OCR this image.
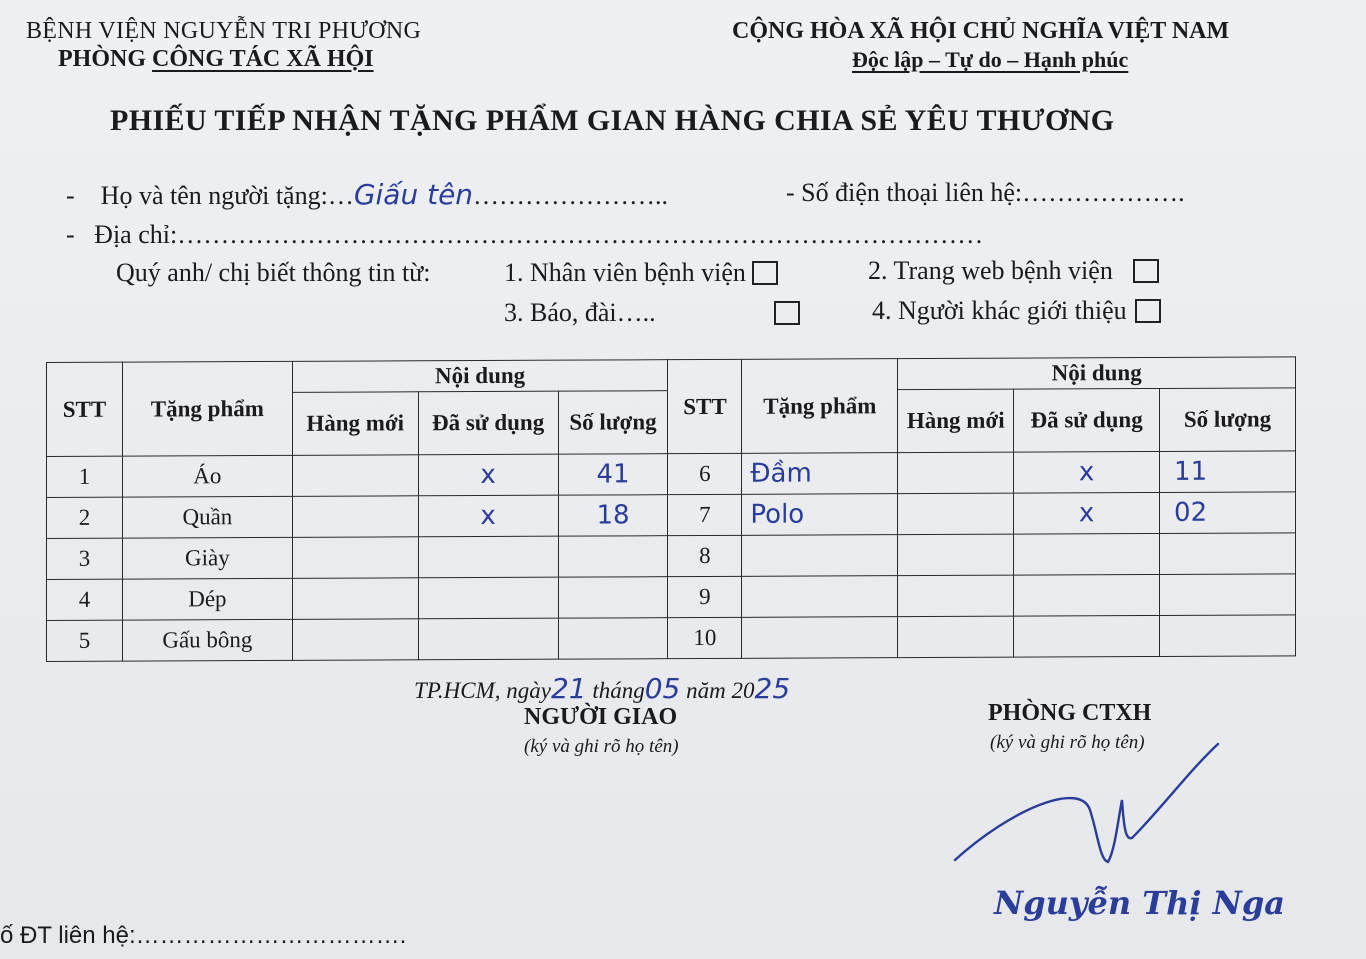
BỆNH VIỆN NGUYỄN TRI PHƯƠNG
PHÒNG CÔNG TÁC XÃ HỘI
CỘNG HÒA XÃ HỘI CHỦ NGHĨA VIỆT NAM
Độc lập – Tự do – Hạnh phúc
PHIẾU TIẾP NHẬN TẶNG PHẨM GIAN HÀNG CHIA SẺ YÊU THƯƠNG
-    Họ và tên người tặng:…Giấu tên…………………..	- Số điện thoại liên hệ:……………….
-   Địa chỉ:…………………………………………………………………………………
Quý anh/ chị biết thông tin từ:	1. Nhân viên bệnh viện	2. Trang web bệnh viện
3. Báo, đài…..	4. Người khác giới thiệu
STT	Tặng phẩm	Nội dung			STT	Tặng phẩm	Nội dung		
		Hàng mới	Đã sử dụng	Số lượng			Hàng mới	Đã sử dụng	Số lượng
1	Áo		x	41	6	Đầm		x	11
2	Quần		x	18	7	Polo		x	02
3	Giày				8				
4	Dép				9				
5	Gấu bông				10				
TP.HCM, ngày21 tháng05 năm 2025
NGƯỜI GIAO
(ký và ghi rõ họ tên)
PHÒNG CTXH
(ký và ghi rõ họ tên)
Nguyễn Thị Nga
ố ĐT liên hệ:…………………………….
